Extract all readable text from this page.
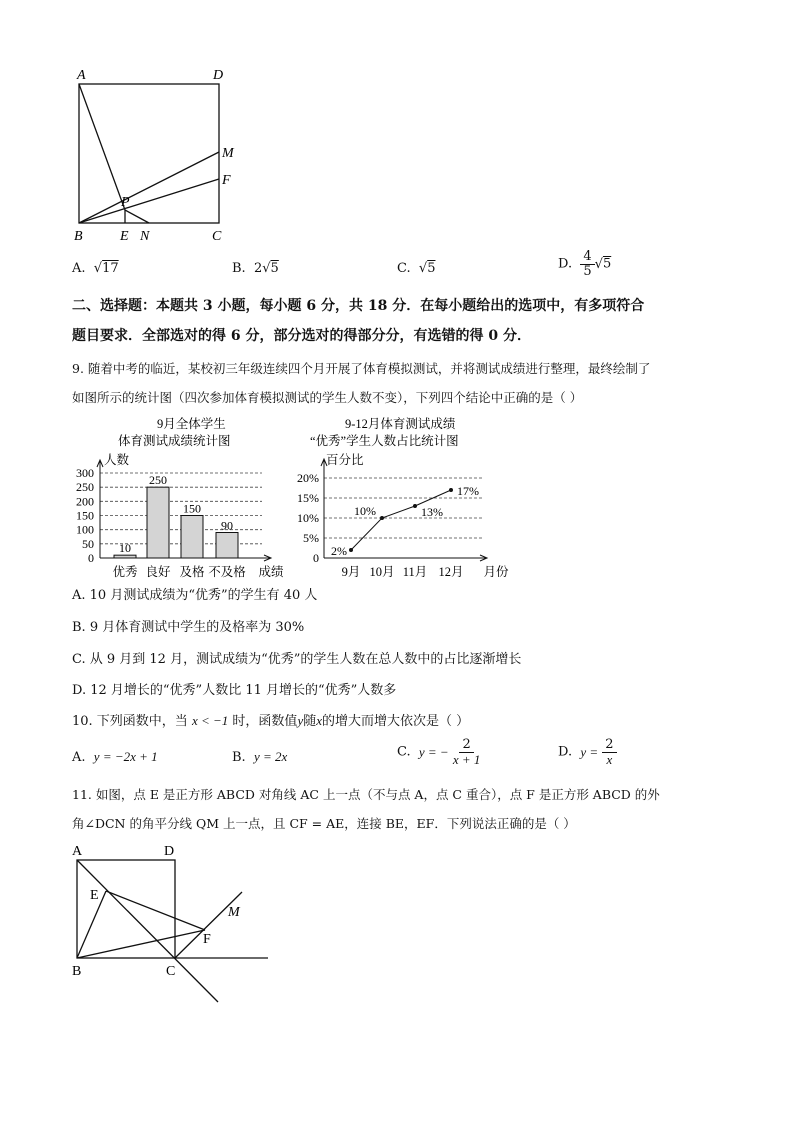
A	D
M
F
P
B	E N	C
A.  √17	B. 2√5	C.  √5	D. $\frac{4}{5} √5$
二、选择题：本题共 3 小题，每小题 6 分，共 18 分．在每小题给出的选项中，有多项符合
题目要求．全部选对的得 6 分，部分选对的得部分分，有选错的得 0 分．
9. 随着中考的临近，某校初三年级连续四个月开展了体育模拟测试，并将测试成绩进行整理，最终绘制了
如图所示的统计图（四次参加体育模拟测试的学生人数不变），下列四个结论中正确的是（ ）
9月全体学生
体育测试成绩统计图
人数
0
50
100
150
200
250
300
10
优秀
250
良好
150
及格
90
不及格 成绩
9-12月体育测试成绩
“优秀”学生人数占比统计图
百分比
0
5%
10%
15%
20%
2%
9月
10%
10月
13%
11月
17%
12月 月份
A. 10 月测试成绩为“优秀”的学生有 40 人
B. 9 月体育测试中学生的及格率为 30%
C. 从 9 月到 12 月，测试成绩为“优秀”的学生人数在总人数中的占比逐渐增长
D. 12 月增长的“优秀”人数比 11 月增长的“优秀”人数多
10. 下列函数中，当 x < −1 时，函数值y随x的增大而增大依次是（ ）
A. y = −2x + 1	B. y = 2x	C. y = − $\frac{2}{x + 1}$	D. $y = \frac{2}{x}$
11. 如图，点 E 是正方形 ABCD 对角线 AC 上一点（不与点 A，点 C 重合），点 F 是正方形 ABCD 的外
角∠DCN 的角平分线 QM 上一点，且 CF = AE，连接 BE，EF．下列说法正确的是（ ）
A	D
E
M
F
B	C
